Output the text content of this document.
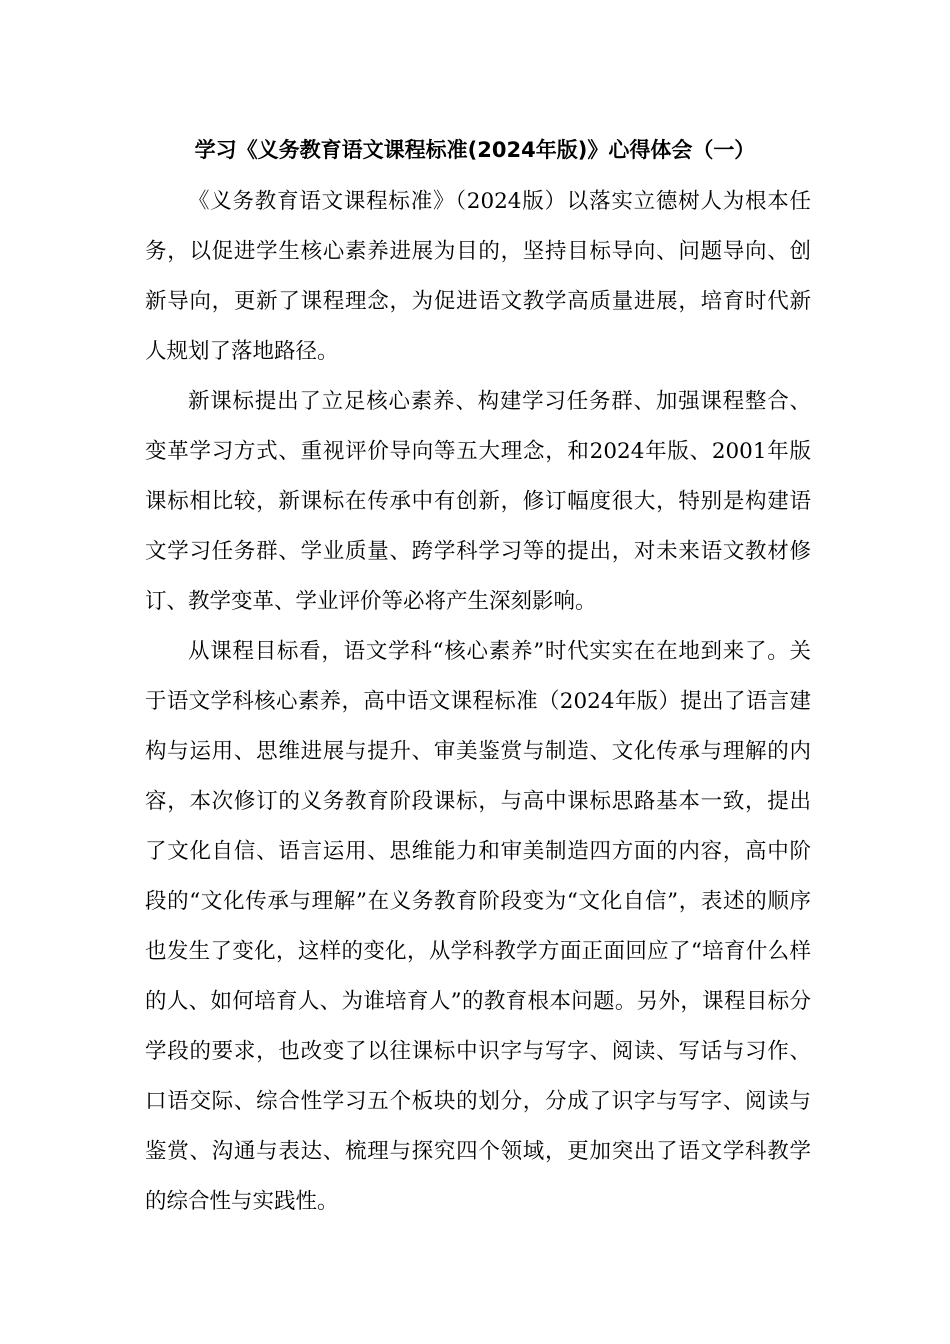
学习《义务教育语文课程标准(2024年版)》心得体会（一）

《义务教育语文课程标准》（2024版）以落实立德树人为根本任务，以促进学生核心素养进展为目的，坚持目标导向、问题导向、创新导向，更新了课程理念，为促进语文教学高质量进展，培育时代新人规划了落地路径。

新课标提出了立足核心素养、构建学习任务群、加强课程整合、变革学习方式、重视评价导向等五大理念，和2024年版、2001年版课标相比较，新课标在传承中有创新，修订幅度很大，特别是构建语文学习任务群、学业质量、跨学科学习等的提出，对未来语文教材修订、教学变革、学业评价等必将产生深刻影响。

从课程目标看，语文学科“核心素养”时代实实在在地到来了。关于语文学科核心素养，高中语文课程标准（2024年版）提出了语言建构与运用、思维进展与提升、审美鉴赏与制造、文化传承与理解的内容，本次修订的义务教育阶段课标，与高中课标思路基本一致，提出了文化自信、语言运用、思维能力和审美制造四方面的内容，高中阶段的“文化传承与理解”在义务教育阶段变为“文化自信”，表述的顺序也发生了变化，这样的变化，从学科教学方面正面回应了“培育什么样的人、如何培育人、为谁培育人”的教育根本问题。另外，课程目标分学段的要求，也改变了以往课标中识字与写字、阅读、写话与习作、口语交际、综合性学习五个板块的划分，分成了识字与写字、阅读与鉴赏、沟通与表达、梳理与探究四个领域，更加突出了语文学科教学的综合性与实践性。
